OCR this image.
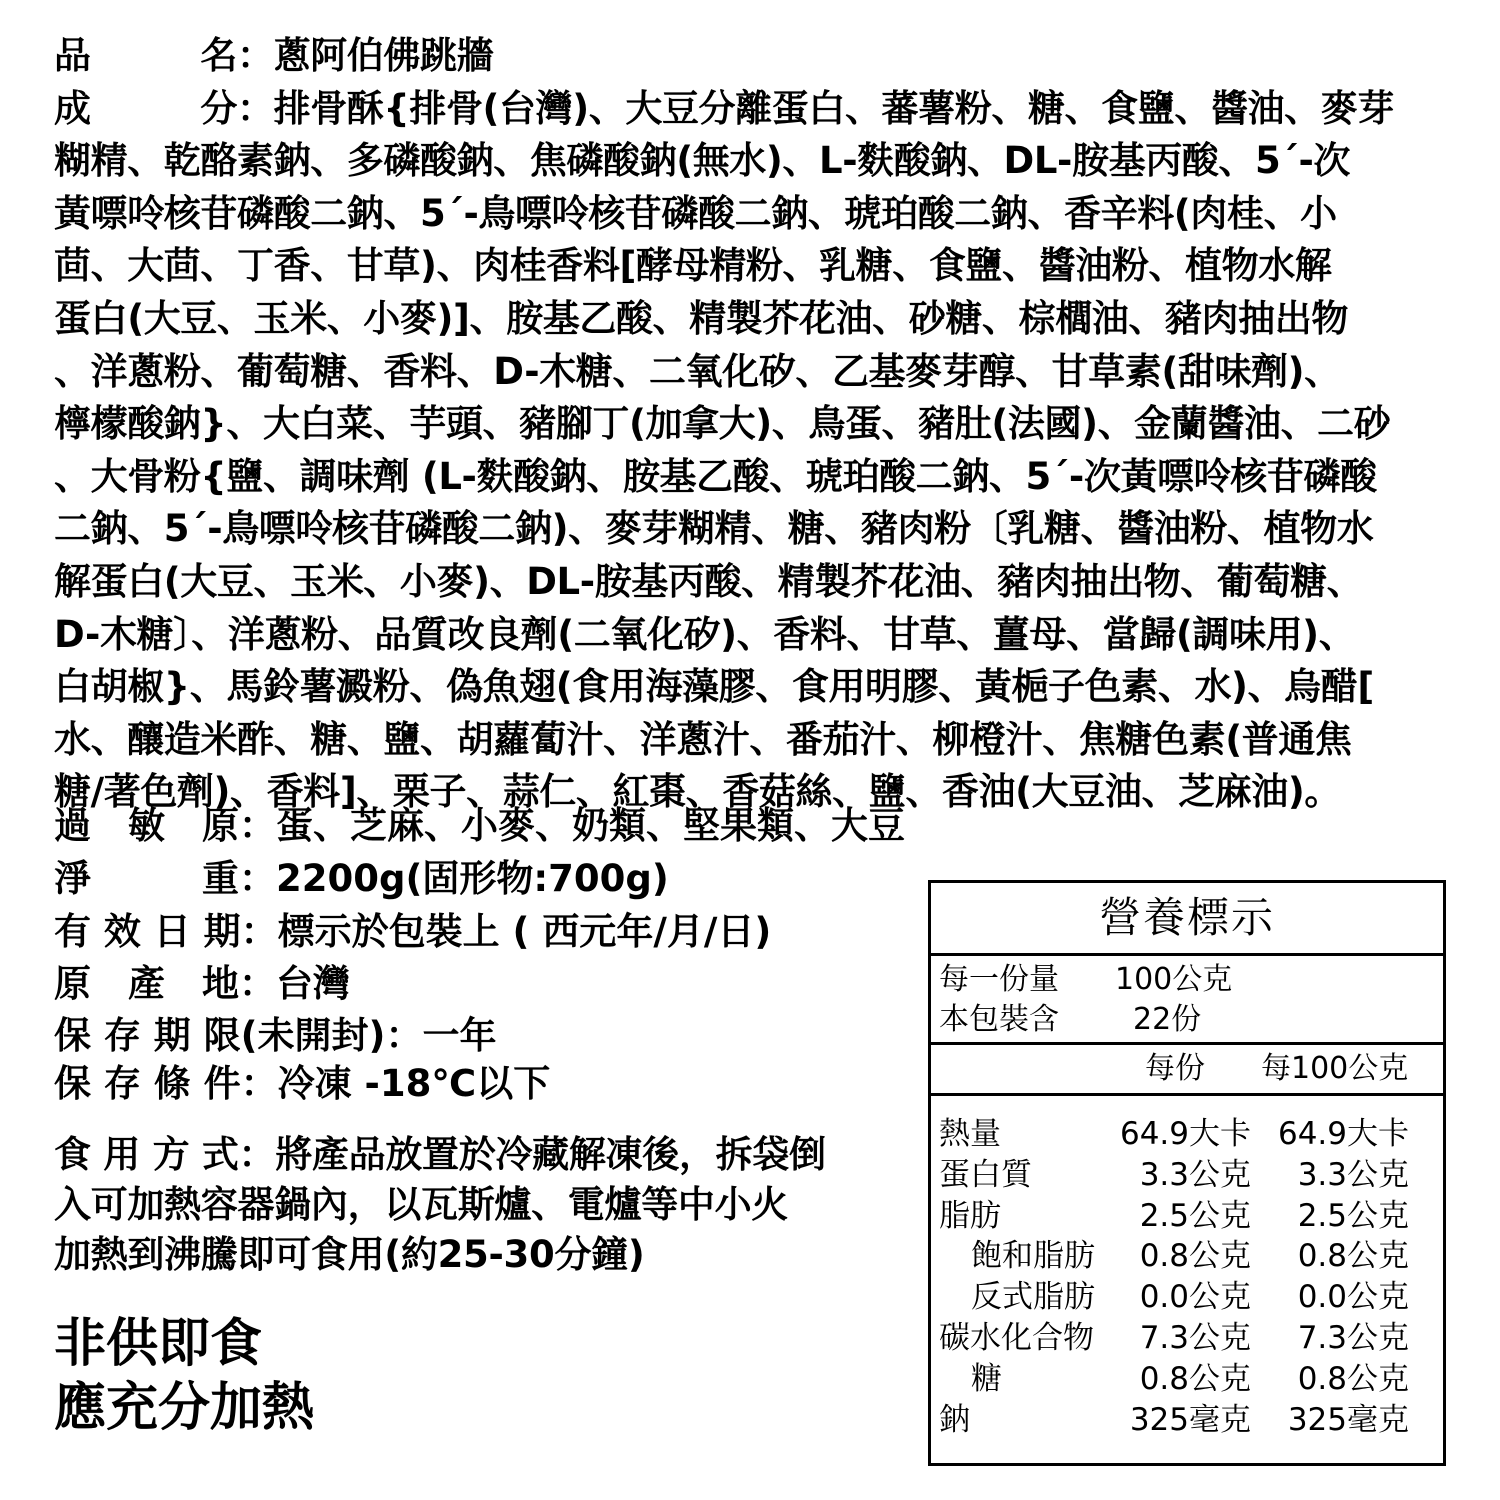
品　　　名：蔥阿伯佛跳牆
成　　　分：排骨酥{排骨(台灣)、大豆分離蛋白、蕃薯粉、糖、食鹽、醬油、麥芽
糊精、乾酪素鈉、多磷酸鈉、焦磷酸鈉(無水)、L-麩酸鈉、DL-胺基丙酸、5´-次
黃嘌呤核苷磷酸二鈉、5´-鳥嘌呤核苷磷酸二鈉、琥珀酸二鈉、香辛料(肉桂、小
茴、大茴、丁香、甘草)、肉桂香料[酵母精粉、乳糖、食鹽、醬油粉、植物水解
蛋白(大豆、玉米、小麥)]、胺基乙酸、精製芥花油、砂糖、棕櫚油、豬肉抽出物
、洋蔥粉、葡萄糖、香料、D-木糖、二氧化矽、乙基麥芽醇、甘草素(甜味劑)、
檸檬酸鈉}、大白菜、芋頭、豬腳丁(加拿大)、鳥蛋、豬肚(法國)、金蘭醬油、二砂
、大骨粉{鹽、調味劑 (L-麩酸鈉、胺基乙酸、琥珀酸二鈉、5´-次黃嘌呤核苷磷酸
二鈉、5´-鳥嘌呤核苷磷酸二鈉)、麥芽糊精、糖、豬肉粉〔乳糖、醬油粉、植物水
解蛋白(大豆、玉米、小麥)、DL-胺基丙酸、精製芥花油、豬肉抽出物、葡萄糖、
D-木糖〕、洋蔥粉、品質改良劑(二氧化矽)、香料、甘草、薑母、當歸(調味用)、
白胡椒}、馬鈴薯澱粉、偽魚翅(食用海藻膠、食用明膠、黃梔子色素、水)、烏醋[
水、釀造米酢、糖、鹽、胡蘿蔔汁、洋蔥汁、番茄汁、柳橙汁、焦糖色素(普通焦
糖/著色劑)、香料]、栗子、蒜仁、紅棗、香菇絲、鹽、香油(大豆油、芝麻油)。
過　敏　原：蛋、芝麻、小麥、奶類、堅果類、大豆
淨　　　重：2200g(固形物:700g)
有 效 日 期：標示於包裝上 ( 西元年/月/日)
原　產　地：台灣
保 存 期 限(未開封)：一年
保 存 條 件：冷凍 -18℃以下
食 用 方 式：將產品放置於冷藏解凍後，拆袋倒
入可加熱容器鍋內，以瓦斯爐、電爐等中小火
加熱到沸騰即可食用(約25-30分鐘)
非供即食
應充分加熱
營養標示
每一份量 100公克
本包裝含 22份
每份 每100公克
熱量	64.9大卡 64.9大卡
蛋白質	3.3公克 3.3公克
脂肪	2.5公克 2.5公克
飽和脂肪 0.8公克 0.8公克
反式脂肪 0.0公克 0.0公克
碳水化合物 7.3公克 7.3公克
糖	0.8公克 0.8公克
鈉	325毫克 325毫克
